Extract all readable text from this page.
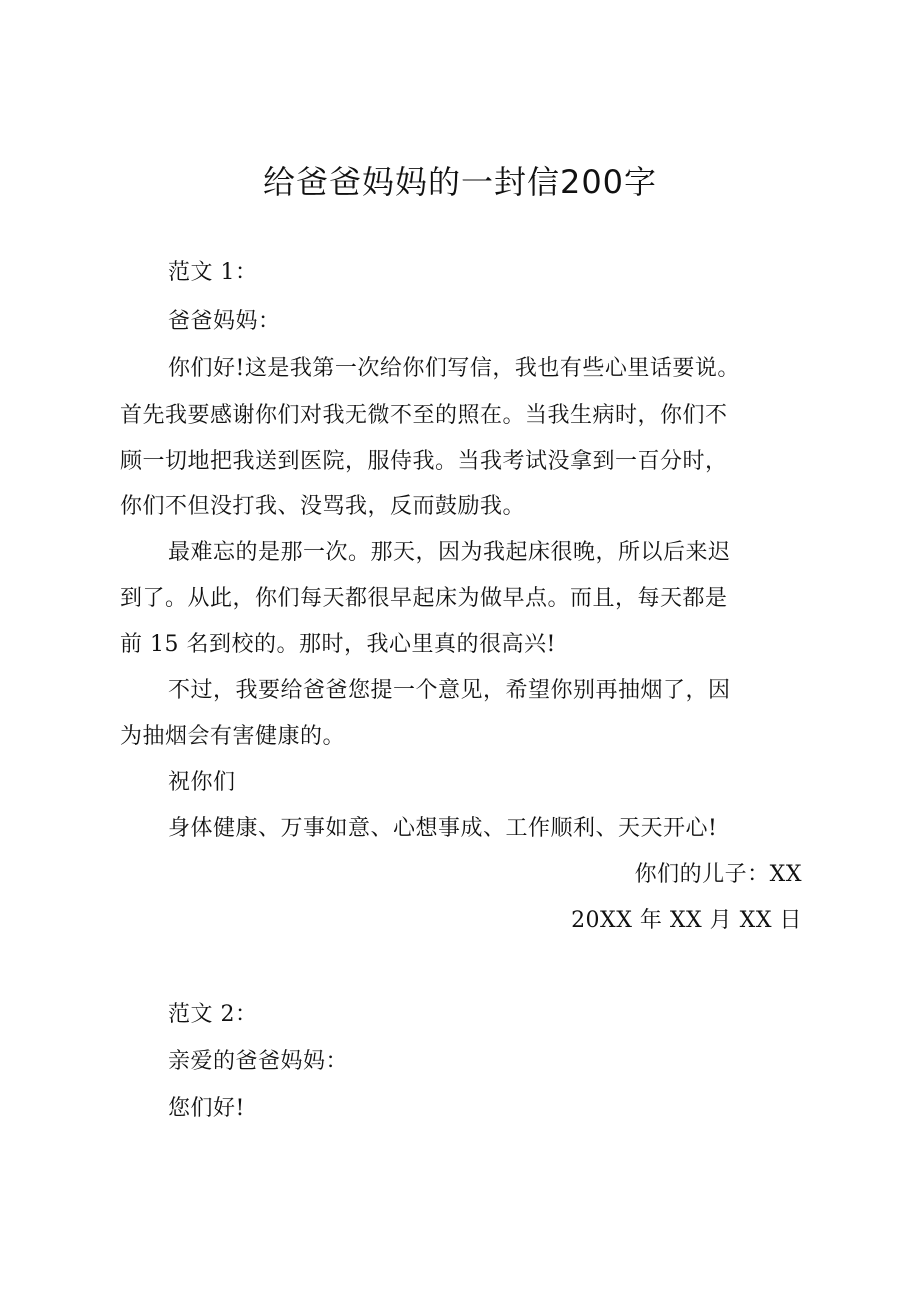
给爸爸妈妈的一封信200字
范文 1：
爸爸妈妈：
你们好!这是我第一次给你们写信，我也有些心里话要说。
首先我要感谢你们对我无微不至的照在。当我生病时，你们不
顾一切地把我送到医院，服侍我。当我考试没拿到一百分时，
你们不但没打我、没骂我，反而鼓励我。
最难忘的是那一次。那天，因为我起床很晚，所以后来迟
到了。从此，你们每天都很早起床为做早点。而且，每天都是
前 15 名到校的。那时，我心里真的很高兴!
不过，我要给爸爸您提一个意见，希望你别再抽烟了，因
为抽烟会有害健康的。
祝你们
身体健康、万事如意、心想事成、工作顺利、天天开心!
你们的儿子：XX
20XX 年 XX 月 XX 日
范文 2：
亲爱的爸爸妈妈：
您们好!
